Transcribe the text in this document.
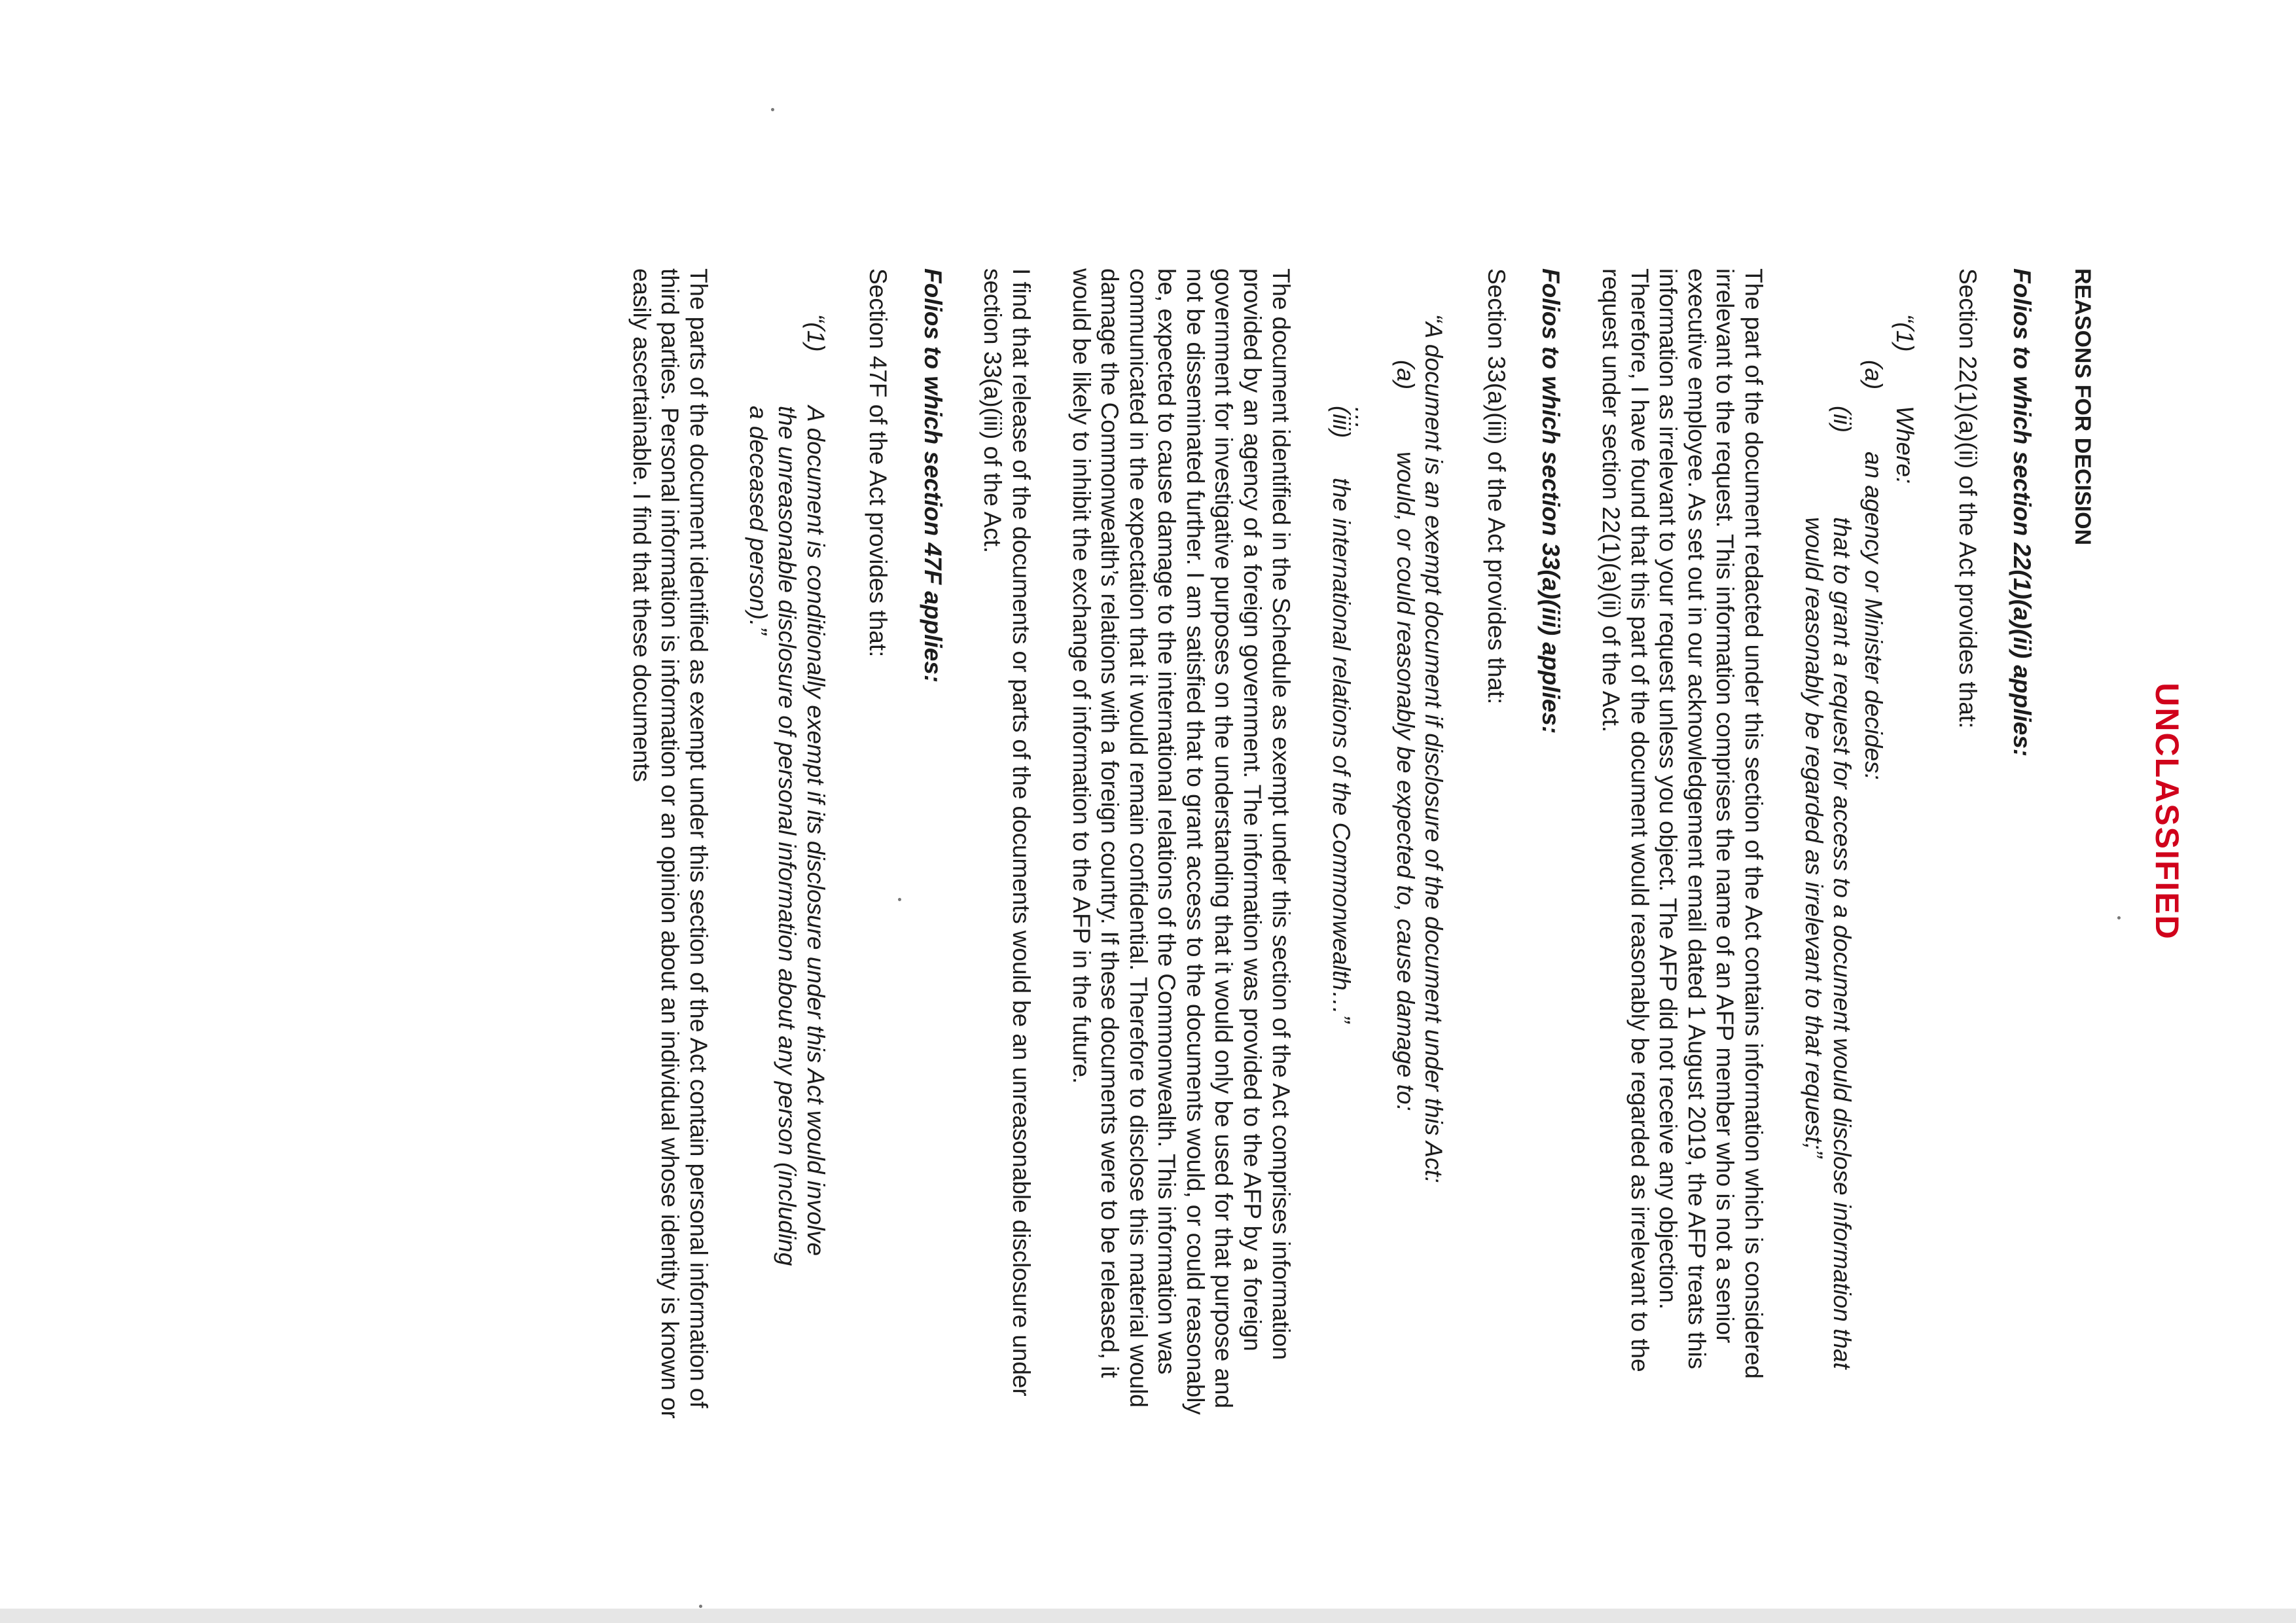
UNCLASSIFIED

REASONS FOR DECISION

Folios to which section 22(1)(a)(ii) applies:

Section 22(1)(a)(ii) of the Act provides that:

“(1)
Where:
(a)
an agency or Minister decides:
(ii)
that to grant a request for access to a document would disclose information that would reasonably be regarded as irrelevant to that request;”

The part of the document redacted under this section of the Act contains information which is considered irrelevant to the request. This information comprises the name of an AFP member who is not a senior executive employee. As set out in our acknowledgement email dated 1 August 2019, the AFP treats this information as irrelevant to your request unless you object. The AFP did not receive any objection. Therefore, I have found that this part of the document would reasonably be regarded as irrelevant to the request under section 22(1)(a)(ii) of the Act.

Folios to which section 33(a)(iii) applies:

Section 33(a)(iii) of the Act provides that:

“A document is an exempt document if disclosure of the document under this Act:
(a)
would, or could reasonably be expected to, cause damage to:
…
(iii)
the international relations of the Commonwealth…”

The document identified in the Schedule as exempt under this section of the Act comprises information provided by an agency of a foreign government. The information was provided to the AFP by a foreign government for investigative purposes on the understanding that it would only be used for that purpose and not be disseminated further. I am satisfied that to grant access to the documents would, or could reasonably be, expected to cause damage to the international relations of the Commonwealth. This information was communicated in the expectation that it would remain confidential. Therefore to disclose this material would damage the Commonwealth’s relations with a foreign country. If these documents were to be released, it would be likely to inhibit the exchange of information to the AFP in the future.

I find that release of the documents or parts of the documents would be an unreasonable disclosure under section 33(a)(iii) of the Act.

Folios to which section 47F applies:

Section 47F of the Act provides that:

“(1)
A document is conditionally exempt if its disclosure under this Act would involve the unreasonable disclosure of personal information about any person (including a deceased person).”

The parts of the document identified as exempt under this section of the Act contain personal information of third parties. Personal information is information or an opinion about an individual whose identity is known or easily ascertainable. I find that these documents
